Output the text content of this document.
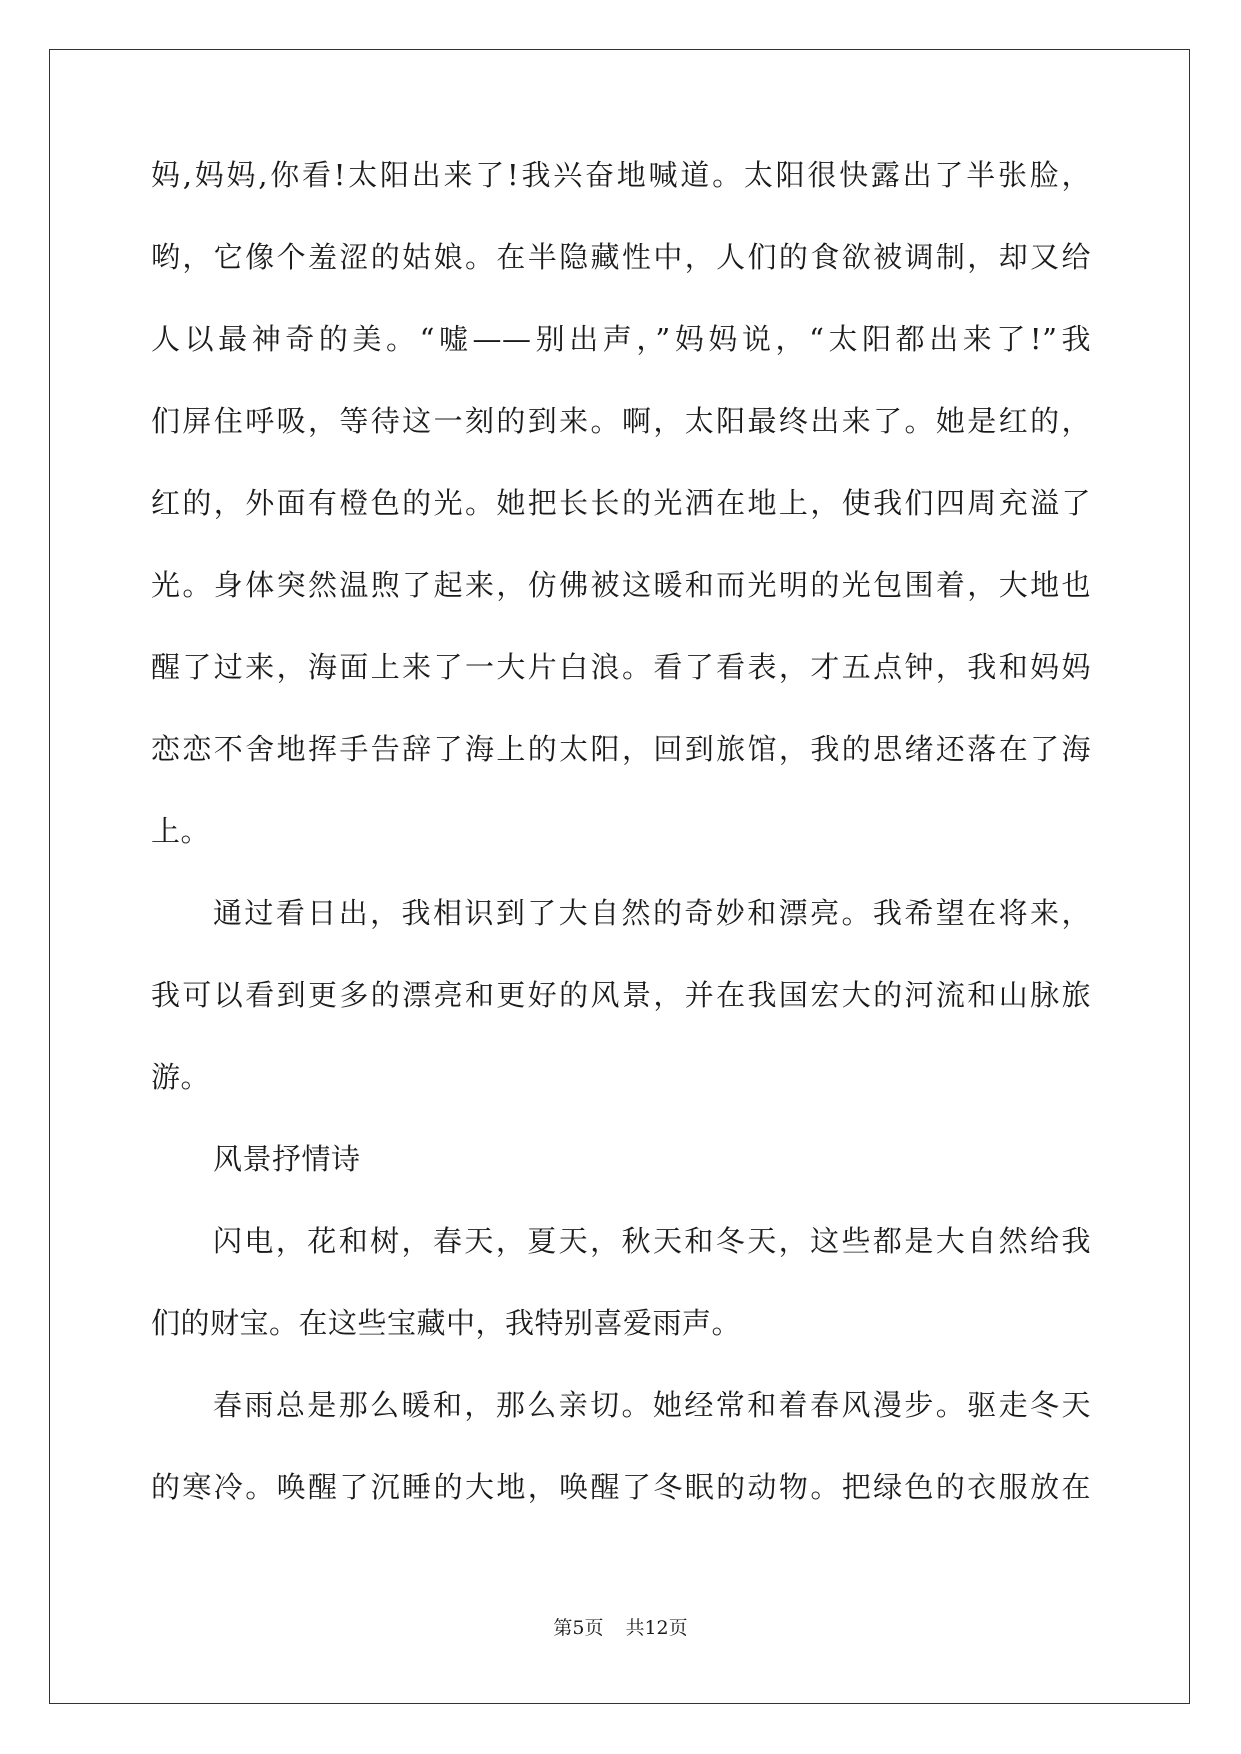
妈,妈妈,你看!太阳出来了!我兴奋地喊道。太阳很快露出了半张脸，
哟，它像个羞涩的姑娘。在半隐藏性中，人们的食欲被调制，却又给
人以最神奇的美。“嘘——别出声，”妈妈说，“太阳都出来了!”我
们屏住呼吸，等待这一刻的到来。啊，太阳最终出来了。她是红的，
红的，外面有橙色的光。她把长长的光洒在地上，使我们四周充溢了
光。身体突然温煦了起来，仿佛被这暖和而光明的光包围着，大地也
醒了过来，海面上来了一大片白浪。看了看表，才五点钟，我和妈妈
恋恋不舍地挥手告辞了海上的太阳，回到旅馆，我的思绪还落在了海
上。
通过看日出，我相识到了大自然的奇妙和漂亮。我希望在将来，
我可以看到更多的漂亮和更好的风景，并在我国宏大的河流和山脉旅
游。
风景抒情诗
闪电，花和树，春天，夏天，秋天和冬天，这些都是大自然给我
们的财宝。在这些宝藏中，我特别喜爱雨声。
春雨总是那么暖和，那么亲切。她经常和着春风漫步。驱走冬天
的寒冷。唤醒了沉睡的大地，唤醒了冬眠的动物。把绿色的衣服放在
第5页 共12页
